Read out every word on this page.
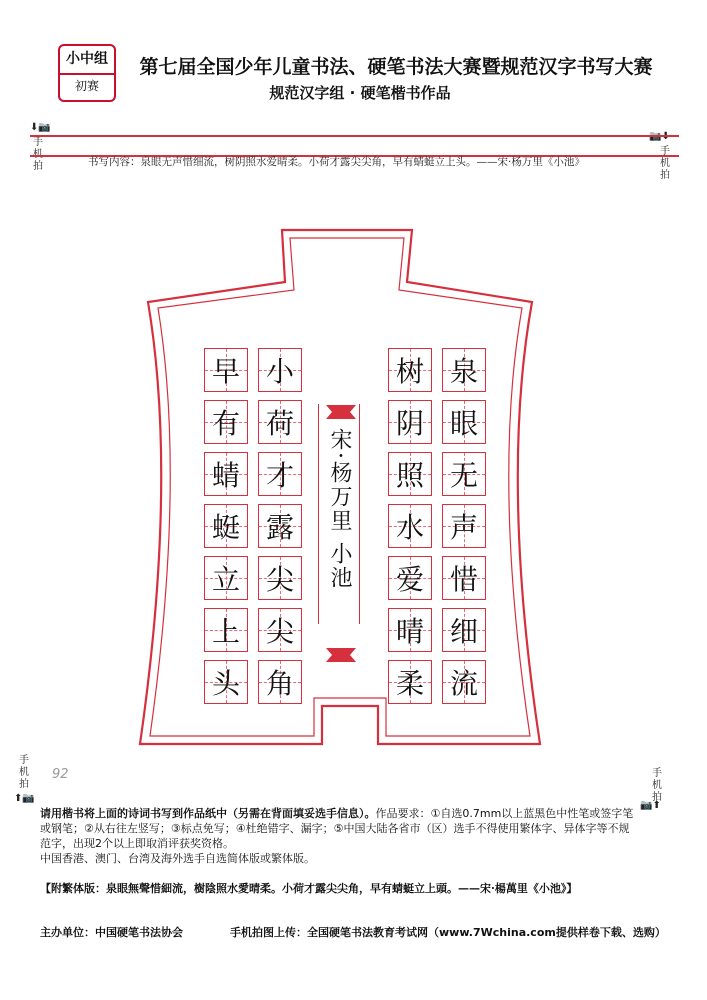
小中组
初赛
第七届全国少年儿童书法、硬笔书法大赛暨规范汉字书写大赛
规范汉字组 · 硬笔楷书作品
⬇📷
手机拍
📷⬇
手机拍
书写内容：泉眼无声惜细流，树阴照水爱晴柔。小荷才露尖尖角，早有蜻蜓立上头。——宋·杨万里《小池》
树 泉
阴 眼
照 无
水 声
爱 惜
晴 细
柔 流
早 小
有 荷
蜻 才
蜓 露
立 尖
上 尖
头 角
宋·杨万里 小池
92
手机拍
⬆📷
手机拍
📷⬆
请用楷书将上面的诗词书写到作品纸中（另需在背面填妥选手信息）。作品要求：①自选0.7mm以上蓝黑色中性笔或签字笔或钢笔；②从右往左竖写；③标点免写；④杜绝错字、漏字；⑤中国大陆各省市（区）选手不得使用繁体字、异体字等不规范字，出现2个以上即取消评获奖资格。
中国香港、澳门、台湾及海外选手自选简体版或繁体版。
【附繁体版：泉眼無聲惜細流，樹陰照水愛晴柔。小荷才露尖尖角，早有蜻蜓立上頭。——宋·楊萬里《小池》】
主办单位：中国硬笔书法协会	手机拍图上传：全国硬笔书法教育考试网（www.7Wchina.com提供样卷下载、选购）
